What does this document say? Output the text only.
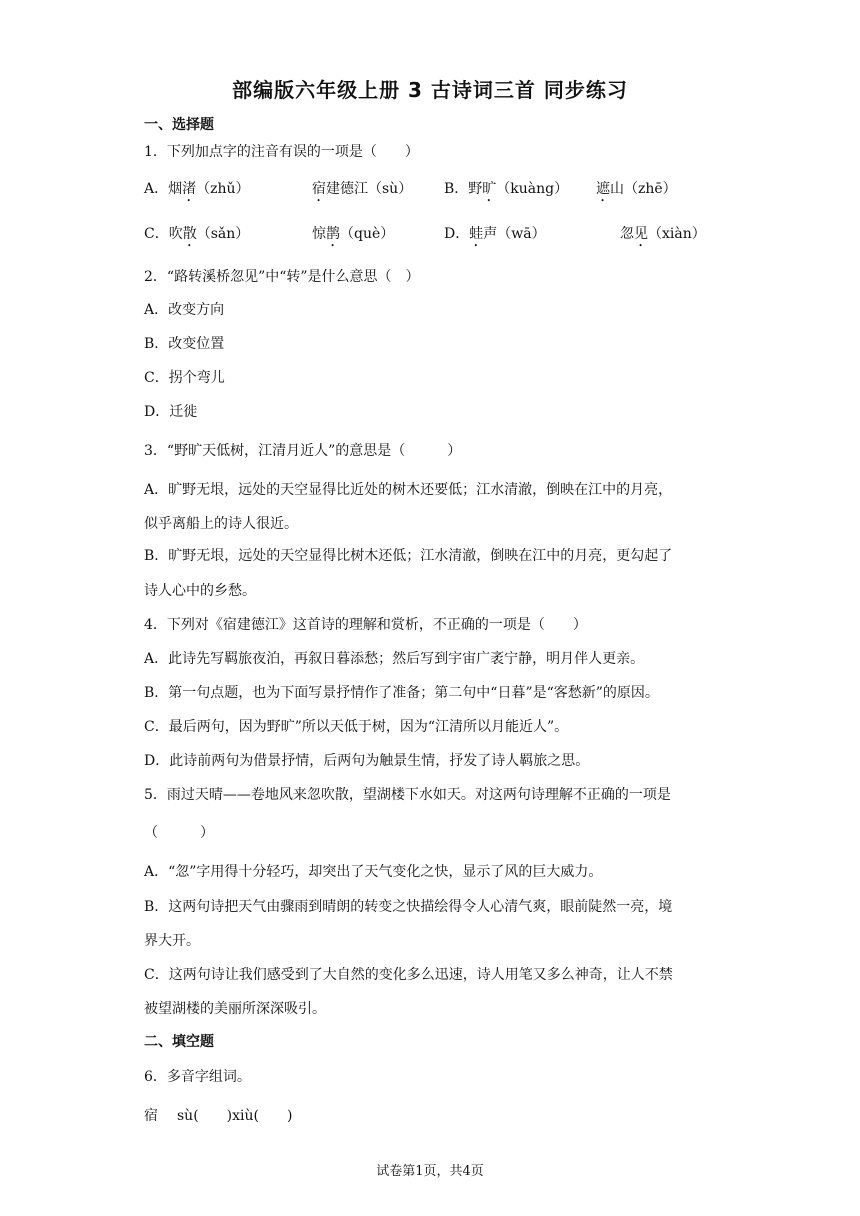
部编版六年级上册 3 古诗词三首 同步练习
一、选择题
1．下列加点字的注音有误的一项是（　　）
A．烟渚（zhǔ）	宿建德江（sù） B．野旷（kuàng） 遮山（zhē）
C．吹散（sǎn）	惊鹊（què）	D．蛙声（wā）	忽见（xiàn）
2．“路转溪桥忽见”中“转”是什么意思（　）
A．改变方向
B．改变位置
C．拐个弯儿
D．迁徙
3．“野旷天低树，江清月近人”的意思是（　　　）
A．旷野无垠，远处的天空显得比近处的树木还要低；江水清澈，倒映在江中的月亮，
似乎离船上的诗人很近。
B．旷野无垠，远处的天空显得比树木还低；江水清澈，倒映在江中的月亮，更勾起了
诗人心中的乡愁。
4．下列对《宿建德江》这首诗的理解和赏析，不正确的一项是（　　）
A．此诗先写羁旅夜泊，再叙日暮添愁；然后写到宇宙广袤宁静，明月伴人更亲。
B．第一句点题，也为下面写景抒情作了准备；第二句中“日暮”是“客愁新”的原因。
C．最后两句，因为野旷”所以天低于树，因为“江清所以月能近人”。
D．此诗前两句为借景抒情，后两句为触景生情，抒发了诗人羁旅之思。
5．雨过天晴——卷地风来忽吹散，望湖楼下水如天。对这两句诗理解不正确的一项是
（　　　）
A．“忽”字用得十分轻巧，却突出了天气变化之快，显示了风的巨大威力。
B．这两句诗把天气由骤雨到晴朗的转变之快描绘得令人心清气爽，眼前陡然一亮，境
界大开。
C．这两句诗让我们感受到了大自然的变化多么迅速，诗人用笔又多么神奇，让人不禁
被望湖楼的美丽所深深吸引。
二、填空题
6．多音字组词。
宿 sù(　　)xiù(　　)
试卷第1页，共4页
